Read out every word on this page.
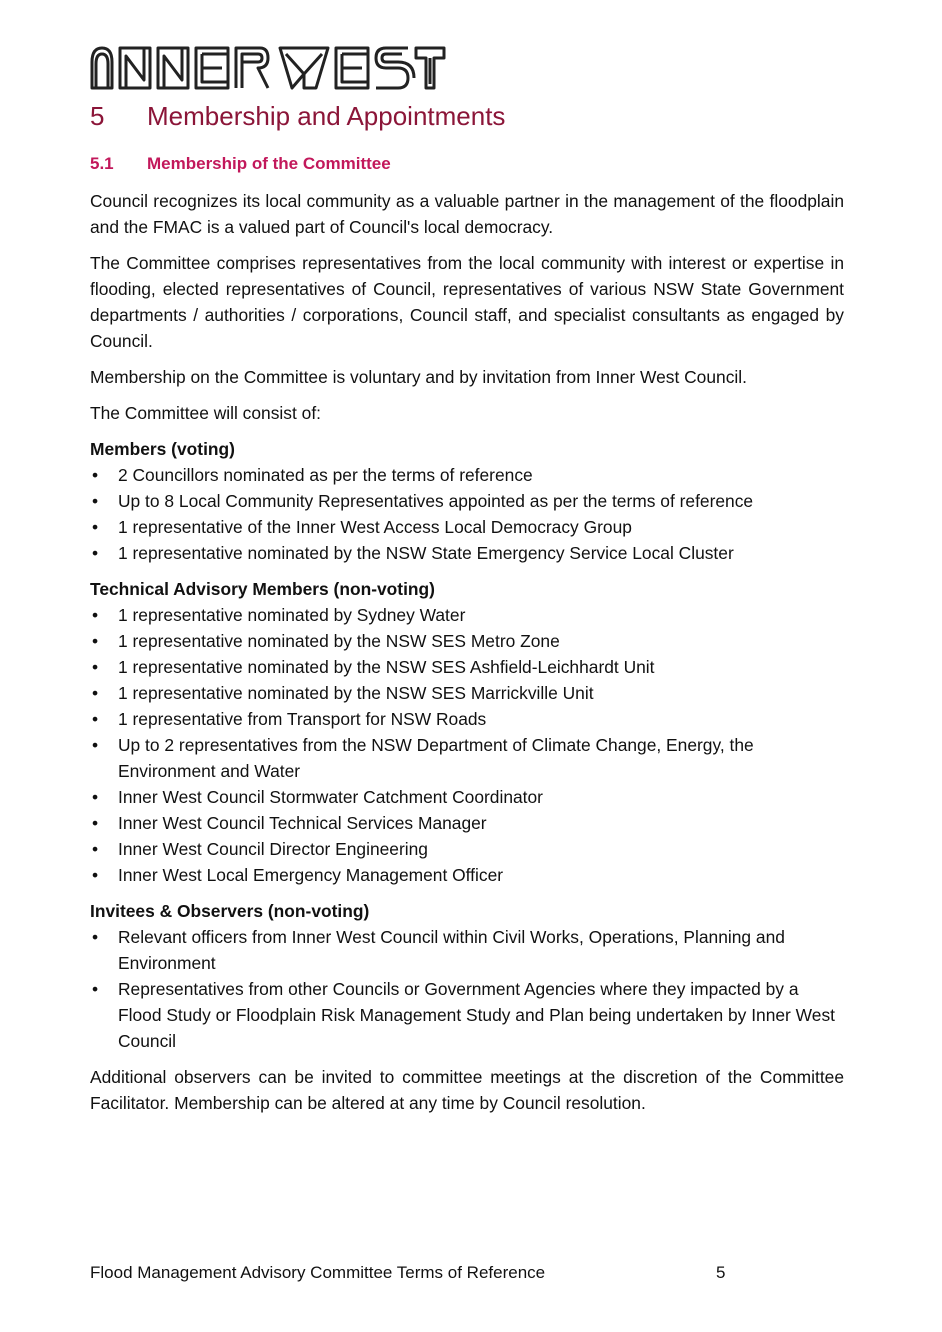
5 Membership and Appointments
5.1 Membership of the Committee

Council recognizes its local community as a valuable partner in the management of the floodplain and the FMAC is a valued part of Council's local democracy.

The Committee comprises representatives from the local community with interest or expertise in flooding, elected representatives of Council, representatives of various NSW State Government departments / authorities / corporations, Council staff, and specialist consultants as engaged by Council.

Membership on the Committee is voluntary and by invitation from Inner West Council.

The Committee will consist of:

Members (voting)
• 2 Councillors nominated as per the terms of reference
• Up to 8 Local Community Representatives appointed as per the terms of reference
• 1 representative of the Inner West Access Local Democracy Group
• 1 representative nominated by the NSW State Emergency Service Local Cluster
Technical Advisory Members (non-voting)
• 1 representative nominated by Sydney Water
• 1 representative nominated by the NSW SES Metro Zone
• 1 representative nominated by the NSW SES Ashfield-Leichhardt Unit
• 1 representative nominated by the NSW SES Marrickville Unit
• 1 representative from Transport for NSW Roads
• Up to 2 representatives from the NSW Department of Climate Change, Energy, the Environment and Water
• Inner West Council Stormwater Catchment Coordinator
• Inner West Council Technical Services Manager
• Inner West Council Director Engineering
• Inner West Local Emergency Management Officer
Invitees & Observers (non-voting)
• Relevant officers from Inner West Council within Civil Works, Operations, Planning and Environment
• Representatives from other Councils or Government Agencies where they impacted by a Flood Study or Floodplain Risk Management Study and Plan being undertaken by Inner West Council

Additional observers can be invited to committee meetings at the discretion of the Committee Facilitator. Membership can be altered at any time by Council resolution.

Flood Management Advisory Committee Terms of Reference	5
